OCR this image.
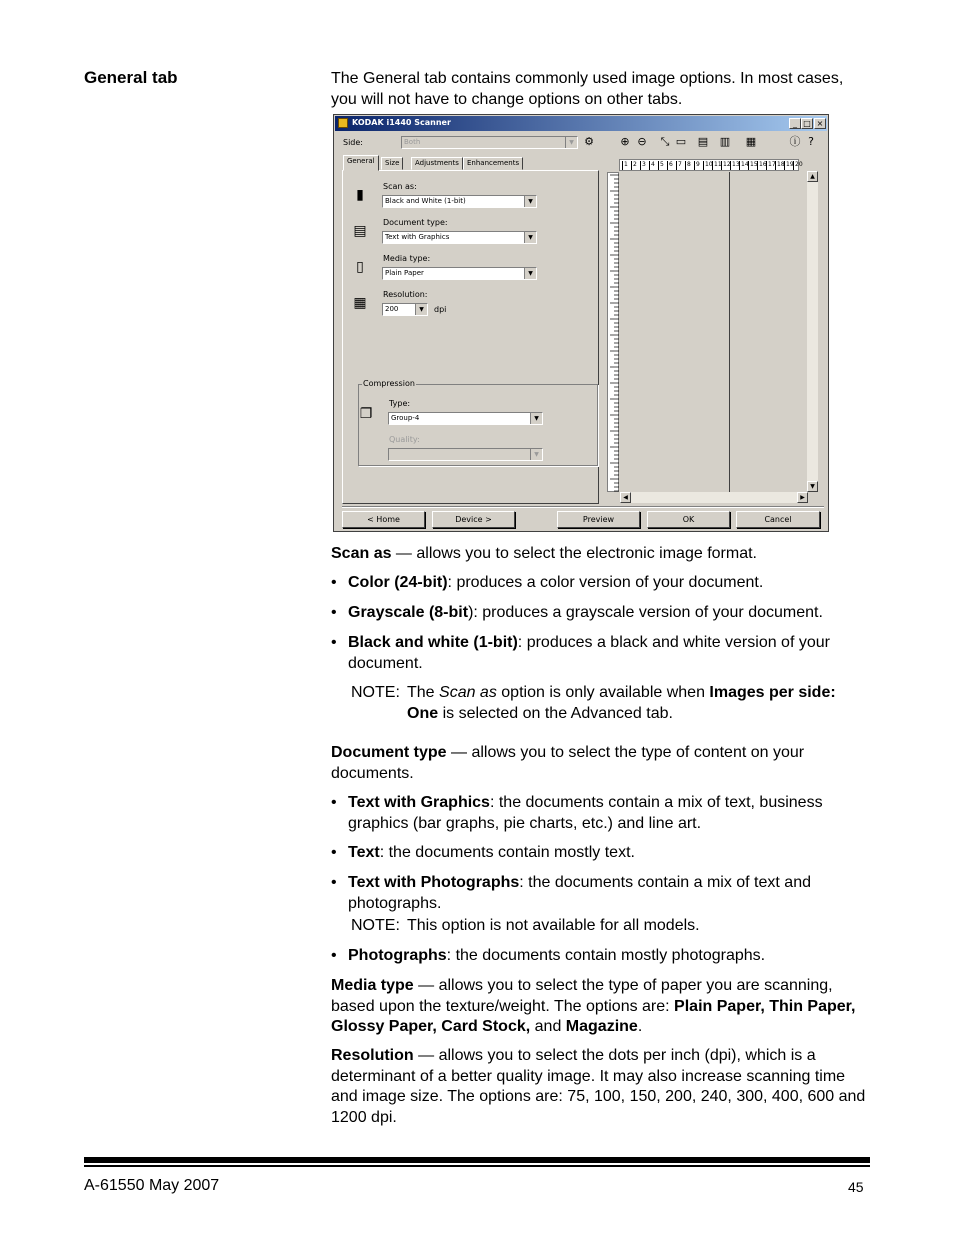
General tab	The General tab contains commonly used image options. In most cases, you will not have to change options on other tabs.
KODAK i1440 Scanner	_ □ ×
Side:	Both	▼ ⚙ ⊕ ⊖ ⤡ ▭ ▤ ▥ ▦	ⓘ ?
General	Size	Adjustments	Enhancements
▮
Scan as:
Black and White (1-bit)	▼
▤
Document type:
Text with Graphics	▼
▯
Media type:
Plain Paper	▼
▦
Resolution:
200	▼	dpi
Compression
❐
Type:
Group-4	▼
Quality:
▼
1 2 3 4 5 6 7 8 9 10 11 12 13 14 15 16 17 18 19 20
▲
▼
◀	▶
< Home	Device >	Preview	OK	Cancel
Scan as — allows you to select the electronic image format.
• Color (24-bit): produces a color version of your document.
• Grayscale (8-bit): produces a grayscale version of your document.
• Black and white (1-bit): produces a black and white version of your document.
NOTE: The Scan as option is only available when Images per side: One is selected on the Advanced tab.
Document type — allows you to select the type of content on your documents.
• Text with Graphics: the documents contain a mix of text, business graphics (bar graphs, pie charts, etc.) and line art.
• Text: the documents contain mostly text.
• Text with Photographs: the documents contain a mix of text and photographs.
NOTE: This option is not available for all models.
• Photographs: the documents contain mostly photographs.
Media type — allows you to select the type of paper you are scanning, based upon the texture/weight. The options are: Plain Paper, Thin Paper, Glossy Paper, Card Stock, and Magazine.
Resolution — allows you to select the dots per inch (dpi), which is a determinant of a better quality image. It may also increase scanning time and image size. The options are: 75, 100, 150, 200, 240, 300, 400, 600 and 1200 dpi.
A-61550 May 2007	45
